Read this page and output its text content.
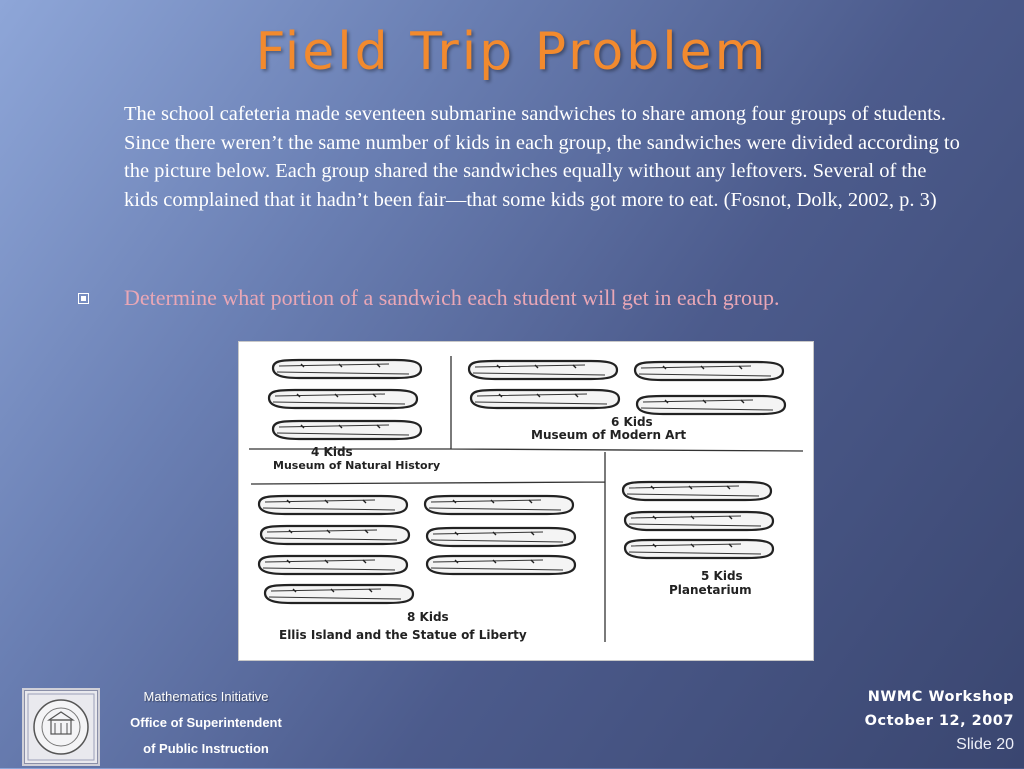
Field Trip Problem

The school cafeteria made seventeen submarine sandwiches to share among four groups of students. Since there weren’t the same number of kids in each group, the sandwiches were divided according to the picture below. Each group shared the sandwiches equally without any leftovers. Several of the kids complained that it hadn’t been fair—that some kids got more to eat. (Fosnot, Dolk, 2002, p. 3)

Determine what portion of a sandwich each student will get in each group.
4 Kids
Museum of Natural History
6 Kids
Museum of Modern Art
8 Kids
Ellis Island and the Statue of Liberty
5 Kids
Planetarium
Mathematics Initiative
Office of Superintendent
of Public Instruction
NWMC Workshop
October 12, 2007
Slide 20
